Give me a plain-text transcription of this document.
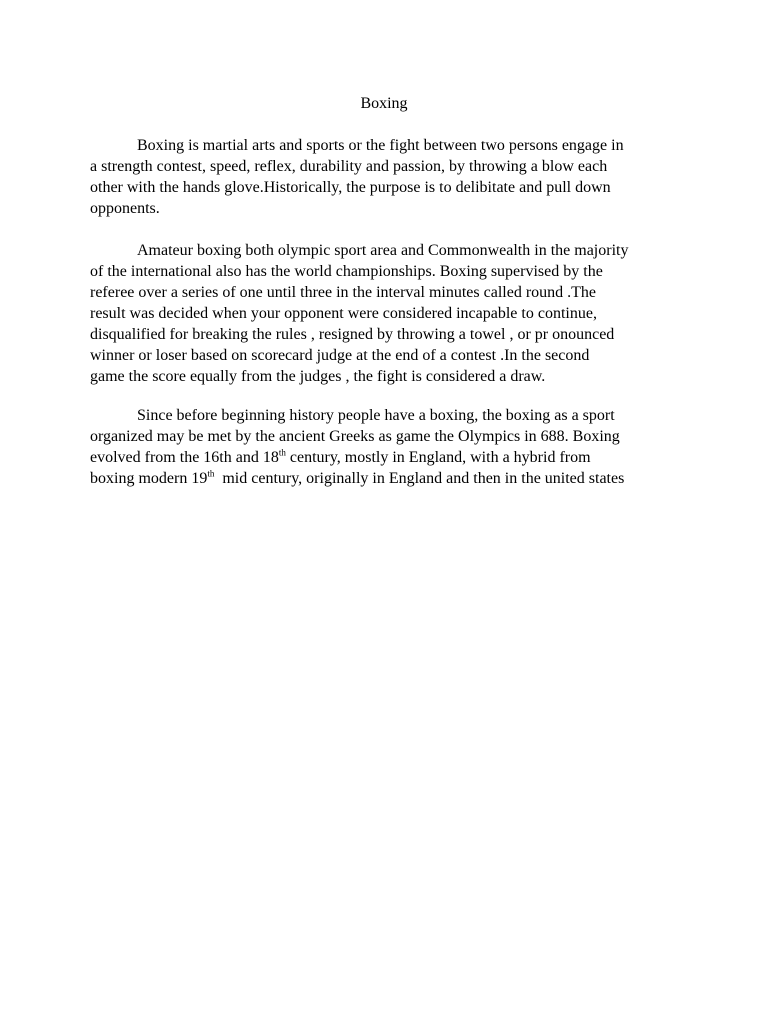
Boxing

Boxing is martial arts and sports or the fight between two persons engage in
a strength contest, speed, reflex, durability and passion, by throwing a blow each
other with the hands glove.Historically, the purpose is to delibitate and pull down
opponents.

Amateur boxing both olympic sport area and Commonwealth in the majority
of the international also has the world championships. Boxing supervised by the
referee over a series of one until three in the interval minutes called round .The
result was decided when your opponent were considered incapable to continue,
disqualified for breaking the rules , resigned by throwing a towel , or pr onounced
winner or loser based on scorecard judge at the end of a contest .In the second
game the score equally from the judges , the fight is considered a draw.

Since before beginning history people have a boxing, the boxing as a sport
organized may be met by the ancient Greeks as game the Olympics in 688. Boxing
evolved from the 16th and 18th century, mostly in England, with a hybrid from
boxing modern 19th  mid century, originally in England and then in the united states
